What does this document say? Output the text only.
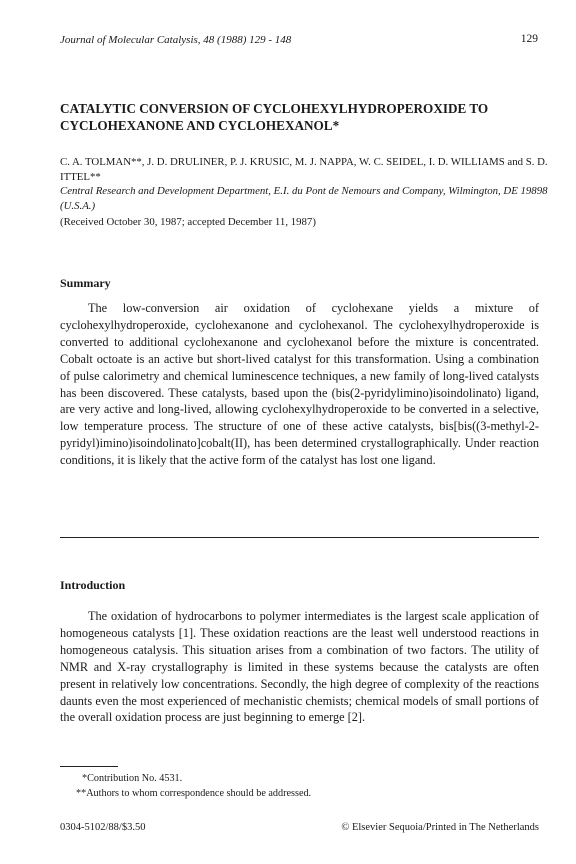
Journal of Molecular Catalysis, 48 (1988) 129 - 148	129
CATALYTIC CONVERSION OF CYCLOHEXYLHYDROPEROXIDE TO CYCLOHEXANONE AND CYCLOHEXANOL*
C. A. TOLMAN**, J. D. DRULINER, P. J. KRUSIC, M. J. NAPPA, W. C. SEIDEL, I. D. WILLIAMS and S. D. ITTEL**
Central Research and Development Department, E.I. du Pont de Nemours and Company, Wilmington, DE 19898 (U.S.A.)
(Received October 30, 1987; accepted December 11, 1987)
Summary
The low-conversion air oxidation of cyclohexane yields a mixture of cyclohexylhydroperoxide, cyclohexanone and cyclohexanol. The cyclohexylhydroperoxide is converted to additional cyclohexanone and cyclohexanol before the mixture is concentrated. Cobalt octoate is an active but short-lived catalyst for this transformation. Using a combination of pulse calorimetry and chemical luminescence techniques, a new family of long-lived catalysts has been discovered. These catalysts, based upon the (bis(2-pyridylimino)isoindolinato) ligand, are very active and long-lived, allowing cyclohexylhydroperoxide to be converted in a selective, low temperature process. The structure of one of these active catalysts, bis[bis((3-methyl-2-pyridyl)imino)isoindolinato]cobalt(II), has been determined crystallographically. Under reaction conditions, it is likely that the active form of the catalyst has lost one ligand.
Introduction
The oxidation of hydrocarbons to polymer intermediates is the largest scale application of homogeneous catalysts [1]. These oxidation reactions are the least well understood reactions in homogeneous catalysis. This situation arises from a combination of two factors. The utility of NMR and X-ray crystallography is limited in these systems because the catalysts are often present in relatively low concentrations. Secondly, the high degree of complexity of the reactions daunts even the most experienced of mechanistic chemists; chemical models of small portions of the overall oxidation process are just beginning to emerge [2].
*Contribution No. 4531.
**Authors to whom correspondence should be addressed.
0304-5102/88/$3.50	© Elsevier Sequoia/Printed in The Netherlands
